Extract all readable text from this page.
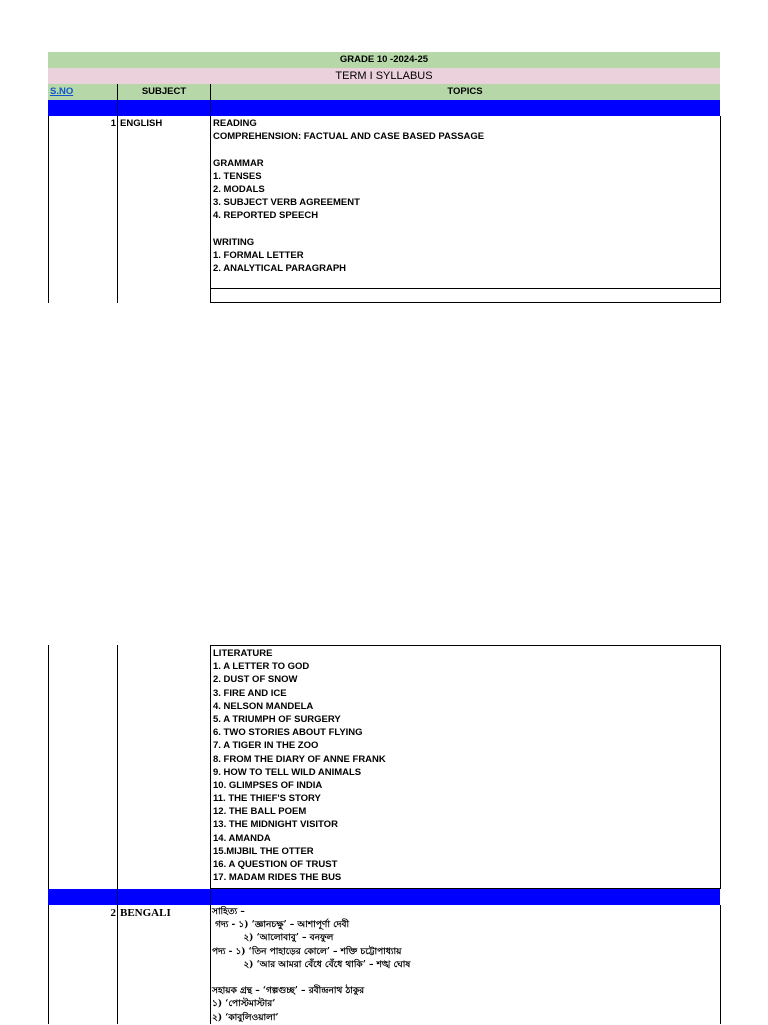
GRADE 10 -2024-25
TERM I SYLLABUS
S.NO	SUBJECT	TOPICS
1 ENGLISH	READING
COMPREHENSION: FACTUAL AND CASE BASED PASSAGE
GRAMMAR
1. TENSES
2. MODALS
3. SUBJECT VERB AGREEMENT
4. REPORTED SPEECH
WRITING
1. FORMAL LETTER
2. ANALYTICAL PARAGRAPH
LITERATURE
1. A LETTER TO GOD
2. DUST OF SNOW
3. FIRE AND ICE
4. NELSON MANDELA
5. A TRIUMPH OF SURGERY
6. TWO STORIES ABOUT FLYING
7. A TIGER IN THE ZOO
8. FROM THE DIARY OF ANNE FRANK
9. HOW TO TELL WILD ANIMALS
10. GLIMPSES OF INDIA
11. THE THIEF'S STORY
12. THE BALL POEM
13. THE MIDNIGHT VISITOR
14. AMANDA
15.MIJBIL THE OTTER
16. A QUESTION OF TRUST
17. MADAM RIDES THE BUS
2 BENGALI	সাহিত্য –
গদ্য - ১) ‘জ্ঞানচক্ষু’ – আশাপূর্ণা দেবী
২) ‘আলোবাবু’ – বনফুল
পদ্য - ১) ‘তিন পাহাড়ের কোলে’ – শক্তি চট্টোপাধ্যায়
২) ‘আর আমরা বেঁধে বেঁধে থাকি’ – শঙ্খ ঘোষ
সহায়ক গ্রন্থ – ‘গল্পগুচ্ছ’ – রবীন্দ্রনাথ ঠাকুর
১) ‘পোস্টমাস্টার’
২) ‘কাবুলিওয়ালা’
